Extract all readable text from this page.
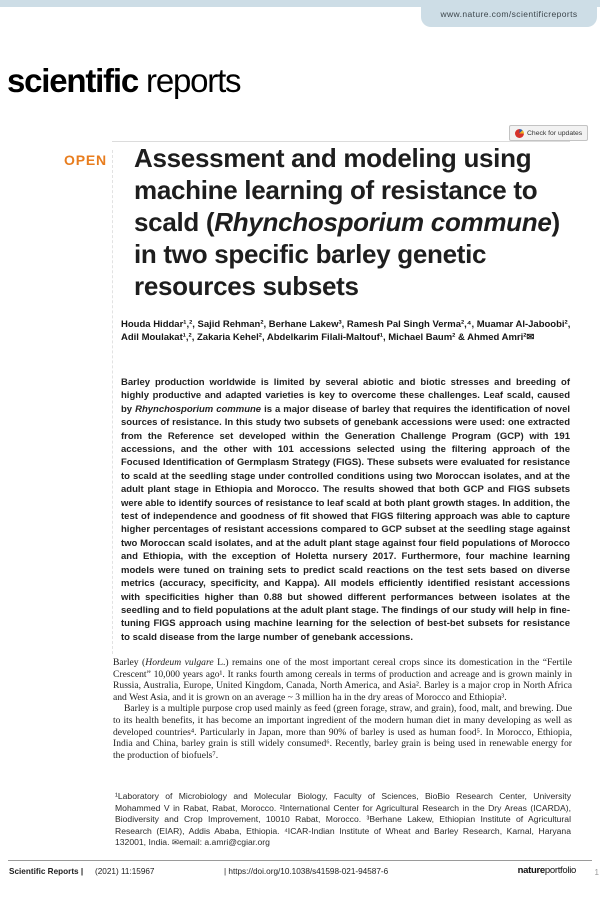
www.nature.com/scientificreports
scientific reports
Check for updates
OPEN Assessment and modeling using machine learning of resistance to scald (Rhynchosporium commune) in two specific barley genetic resources subsets
Houda Hiddar¹,², Sajid Rehman², Berhane Lakew³, Ramesh Pal Singh Verma²,⁴, Muamar Al-Jaboobi², Adil Moulakat¹,², Zakaria Kehel², Abdelkarim Filali-Maltouf¹, Michael Baum² & Ahmed Amri²✉
Barley production worldwide is limited by several abiotic and biotic stresses and breeding of highly productive and adapted varieties is key to overcome these challenges. Leaf scald, caused by Rhynchosporium commune is a major disease of barley that requires the identification of novel sources of resistance. In this study two subsets of genebank accessions were used: one extracted from the Reference set developed within the Generation Challenge Program (GCP) with 191 accessions, and the other with 101 accessions selected using the filtering approach of the Focused Identification of Germplasm Strategy (FIGS). These subsets were evaluated for resistance to scald at the seedling stage under controlled conditions using two Moroccan isolates, and at the adult plant stage in Ethiopia and Morocco. The results showed that both GCP and FIGS subsets were able to identify sources of resistance to leaf scald at both plant growth stages. In addition, the test of independence and goodness of fit showed that FIGS filtering approach was able to capture higher percentages of resistant accessions compared to GCP subset at the seedling stage against two Moroccan scald isolates, and at the adult plant stage against four field populations of Morocco and Ethiopia, with the exception of Holetta nursery 2017. Furthermore, four machine learning models were tuned on training sets to predict scald reactions on the test sets based on diverse metrics (accuracy, specificity, and Kappa). All models efficiently identified resistant accessions with specificities higher than 0.88 but showed different performances between isolates at the seedling and to field populations at the adult plant stage. The findings of our study will help in fine-tuning FIGS approach using machine learning for the selection of best-bet subsets for resistance to scald disease from the large number of genebank accessions.

Barley (Hordeum vulgare L.) remains one of the most important cereal crops since its domestication in the “Fertile Crescent” 10,000 years ago¹. It ranks fourth among cereals in terms of production and acreage and is grown mainly in Russia, Australia, Europe, United Kingdom, Canada, North America, and Asia². Barley is a major crop in North Africa and West Asia, and it is grown on an average ~ 3 million ha in the dry areas of Morocco and Ethiopia³.

Barley is a multiple purpose crop used mainly as feed (green forage, straw, and grain), food, malt, and brewing. Due to its health benefits, it has become an important ingredient of the modern human diet in many developing as well as developed countries⁴. Particularly in Japan, more than 90% of barley is used as human food⁵. In Morocco, Ethiopia, India and China, barley grain is still widely consumed⁶. Recently, barley grain is being used in renewable energy for the production of biofuels⁷.

¹Laboratory of Microbiology and Molecular Biology, Faculty of Sciences, BioBio Research Center, University Mohammed V in Rabat, Rabat, Morocco. ²International Center for Agricultural Research in the Dry Areas (ICARDA), Biodiversity and Crop Improvement, 10010 Rabat, Morocco. ³Berhane Lakew, Ethiopian Institute of Agricultural Research (EIAR), Addis Ababa, Ethiopia. ⁴ICAR-Indian Institute of Wheat and Barley Research, Karnal, Haryana 132001, India. ✉email: a.amri@cgiar.org
Scientific Reports | (2021) 11:15967	| https://doi.org/10.1038/s41598-021-94587-6	natureportfolio 1
